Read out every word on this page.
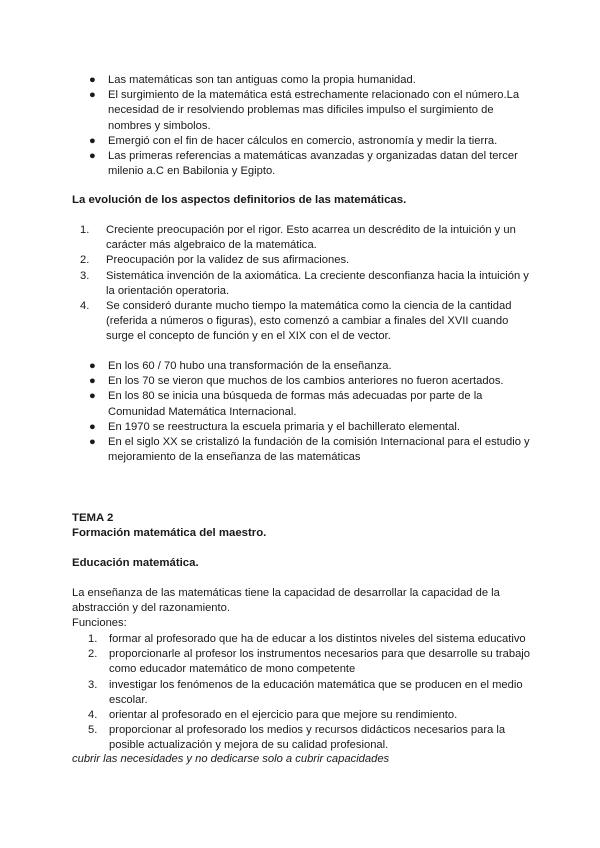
● Las matemáticas son tan antiguas como la propia humanidad.
● El surgimiento de la matemática está estrechamente relacionado con el número.La necesidad de ir resolviendo problemas mas dificiles impulso el surgimiento de nombres y simbolos.
● Emergió con el fin de hacer cálculos en comercio, astronomía y medir la tierra.
● Las primeras referencias a matemáticas avanzadas y organizadas datan del tercer milenio a.C en Babilonia y Egipto.
La evolución de los aspectos definitorios de las matemáticas.
1. Creciente preocupación por el rigor. Esto acarrea un descrédito de la intuición y un carácter más algebraico de la matemática.
2. Preocupación por la validez de sus afirmaciones.
3. Sistemática invención de la axiomática. La creciente desconfianza hacia la intuición y la orientación operatoria.
4. Se consideró durante mucho tiempo la matemática como la ciencia de la cantidad (referida a números o figuras), esto comenzó a cambiar a finales del XVII cuando surge el concepto de función y en el XIX con el de vector.
● En los 60 / 70 hubo una transformación de la enseñanza.
● En los 70 se vieron que muchos de los cambios anteriores no fueron acertados.
● En los 80 se inicia una búsqueda de formas más adecuadas por parte de la Comunidad Matemática Internacional.
● En 1970 se reestructura la escuela primaria y el bachillerato elemental.
● En el siglo XX se cristalizó la fundación de la comisión Internacional para el estudio y mejoramiento de la enseñanza de las matemáticas
TEMA 2
Formación matemática del maestro.
Educación matemática.
La enseñanza de las matemáticas tiene la capacidad de desarrollar la capacidad de la abstracción y del razonamiento.
Funciones:
1. formar al profesorado que ha de educar a los distintos niveles del sistema educativo
2. proporcionarle al profesor los instrumentos necesarios para que desarrolle su trabajo como educador matemático de mono competente
3. investigar los fenómenos de la educación matemática que se producen en el medio escolar.
4. orientar al profesorado en el ejercicio para que mejore su rendimiento.
5. proporcionar al profesorado los medios y recursos didácticos necesarios para la posible actualización y mejora de su calidad profesional.
cubrir las necesidades y no dedicarse solo a cubrir capacidades
